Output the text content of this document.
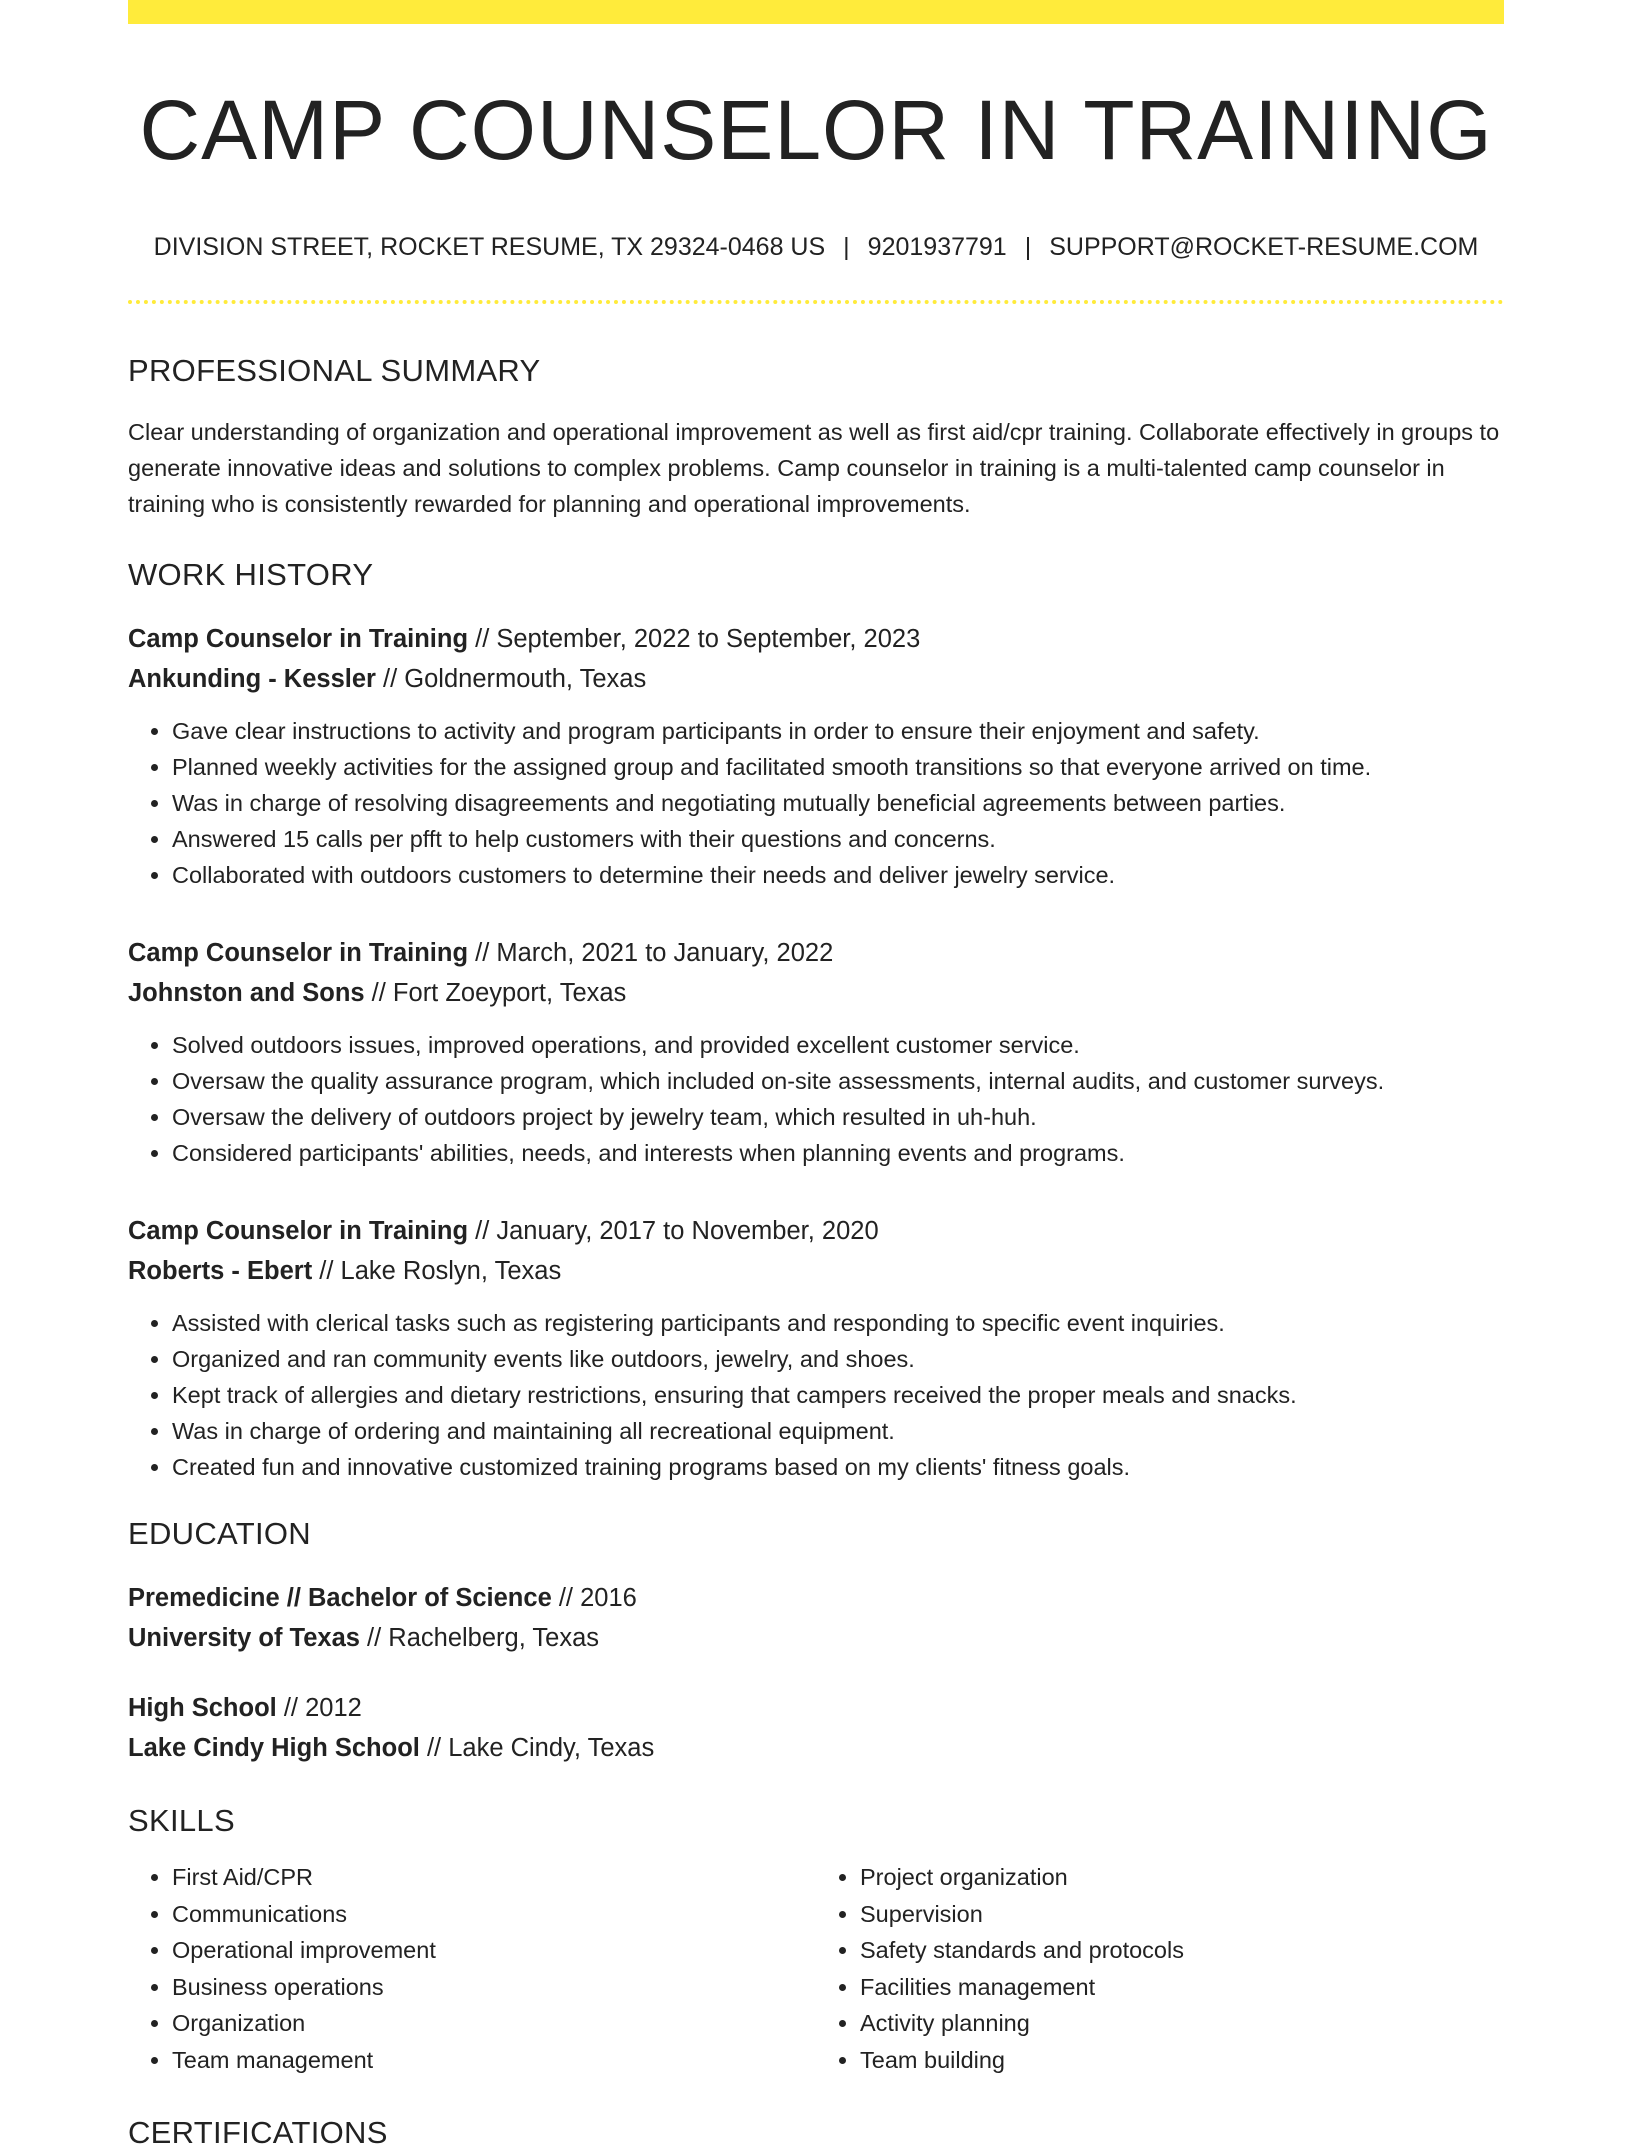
CAMP COUNSELOR IN TRAINING
DIVISION STREET, ROCKET RESUME, TX 29324-0468 US | 9201937791 | SUPPORT@ROCKET-RESUME.COM
PROFESSIONAL SUMMARY
Clear understanding of organization and operational improvement as well as first aid/cpr training. Collaborate effectively in groups to generate innovative ideas and solutions to complex problems. Camp counselor in training is a multi-talented camp counselor in training who is consistently rewarded for planning and operational improvements.
WORK HISTORY
Camp Counselor in Training // September, 2022 to September, 2023
Ankunding - Kessler // Goldnermouth, Texas
• Gave clear instructions to activity and program participants in order to ensure their enjoyment and safety.
• Planned weekly activities for the assigned group and facilitated smooth transitions so that everyone arrived on time.
• Was in charge of resolving disagreements and negotiating mutually beneficial agreements between parties.
• Answered 15 calls per pfft to help customers with their questions and concerns.
• Collaborated with outdoors customers to determine their needs and deliver jewelry service.
Camp Counselor in Training // March, 2021 to January, 2022
Johnston and Sons // Fort Zoeyport, Texas
• Solved outdoors issues, improved operations, and provided excellent customer service.
• Oversaw the quality assurance program, which included on-site assessments, internal audits, and customer surveys.
• Oversaw the delivery of outdoors project by jewelry team, which resulted in uh-huh.
• Considered participants' abilities, needs, and interests when planning events and programs.
Camp Counselor in Training // January, 2017 to November, 2020
Roberts - Ebert // Lake Roslyn, Texas
• Assisted with clerical tasks such as registering participants and responding to specific event inquiries.
• Organized and ran community events like outdoors, jewelry, and shoes.
• Kept track of allergies and dietary restrictions, ensuring that campers received the proper meals and snacks.
• Was in charge of ordering and maintaining all recreational equipment.
• Created fun and innovative customized training programs based on my clients' fitness goals.
EDUCATION
Premedicine // Bachelor of Science // 2016
University of Texas // Rachelberg, Texas
High School // 2012
Lake Cindy High School // Lake Cindy, Texas
SKILLS
• First Aid/CPR
• Communications
• Operational improvement
• Business operations
• Organization
• Team management
• Project organization
• Supervision
• Safety standards and protocols
• Facilities management
• Activity planning
• Team building
CERTIFICATIONS
